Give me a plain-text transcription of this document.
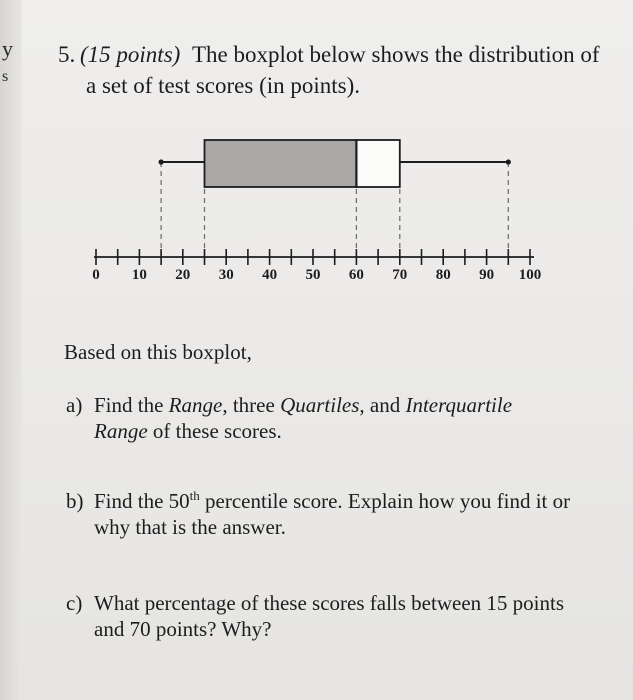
y
s
5. (15 points) The boxplot below shows the distribution of
a set of test scores (in points).
0 10 20 30 40 50 60 70 80 90 100
Based on this boxplot,
a) Find the Range, three Quartiles, and Interquartile
Range of these scores.
b) Find the 50th percentile score. Explain how you find it or
why that is the answer.
c) What percentage of these scores falls between 15 points
and 70 points? Why?
